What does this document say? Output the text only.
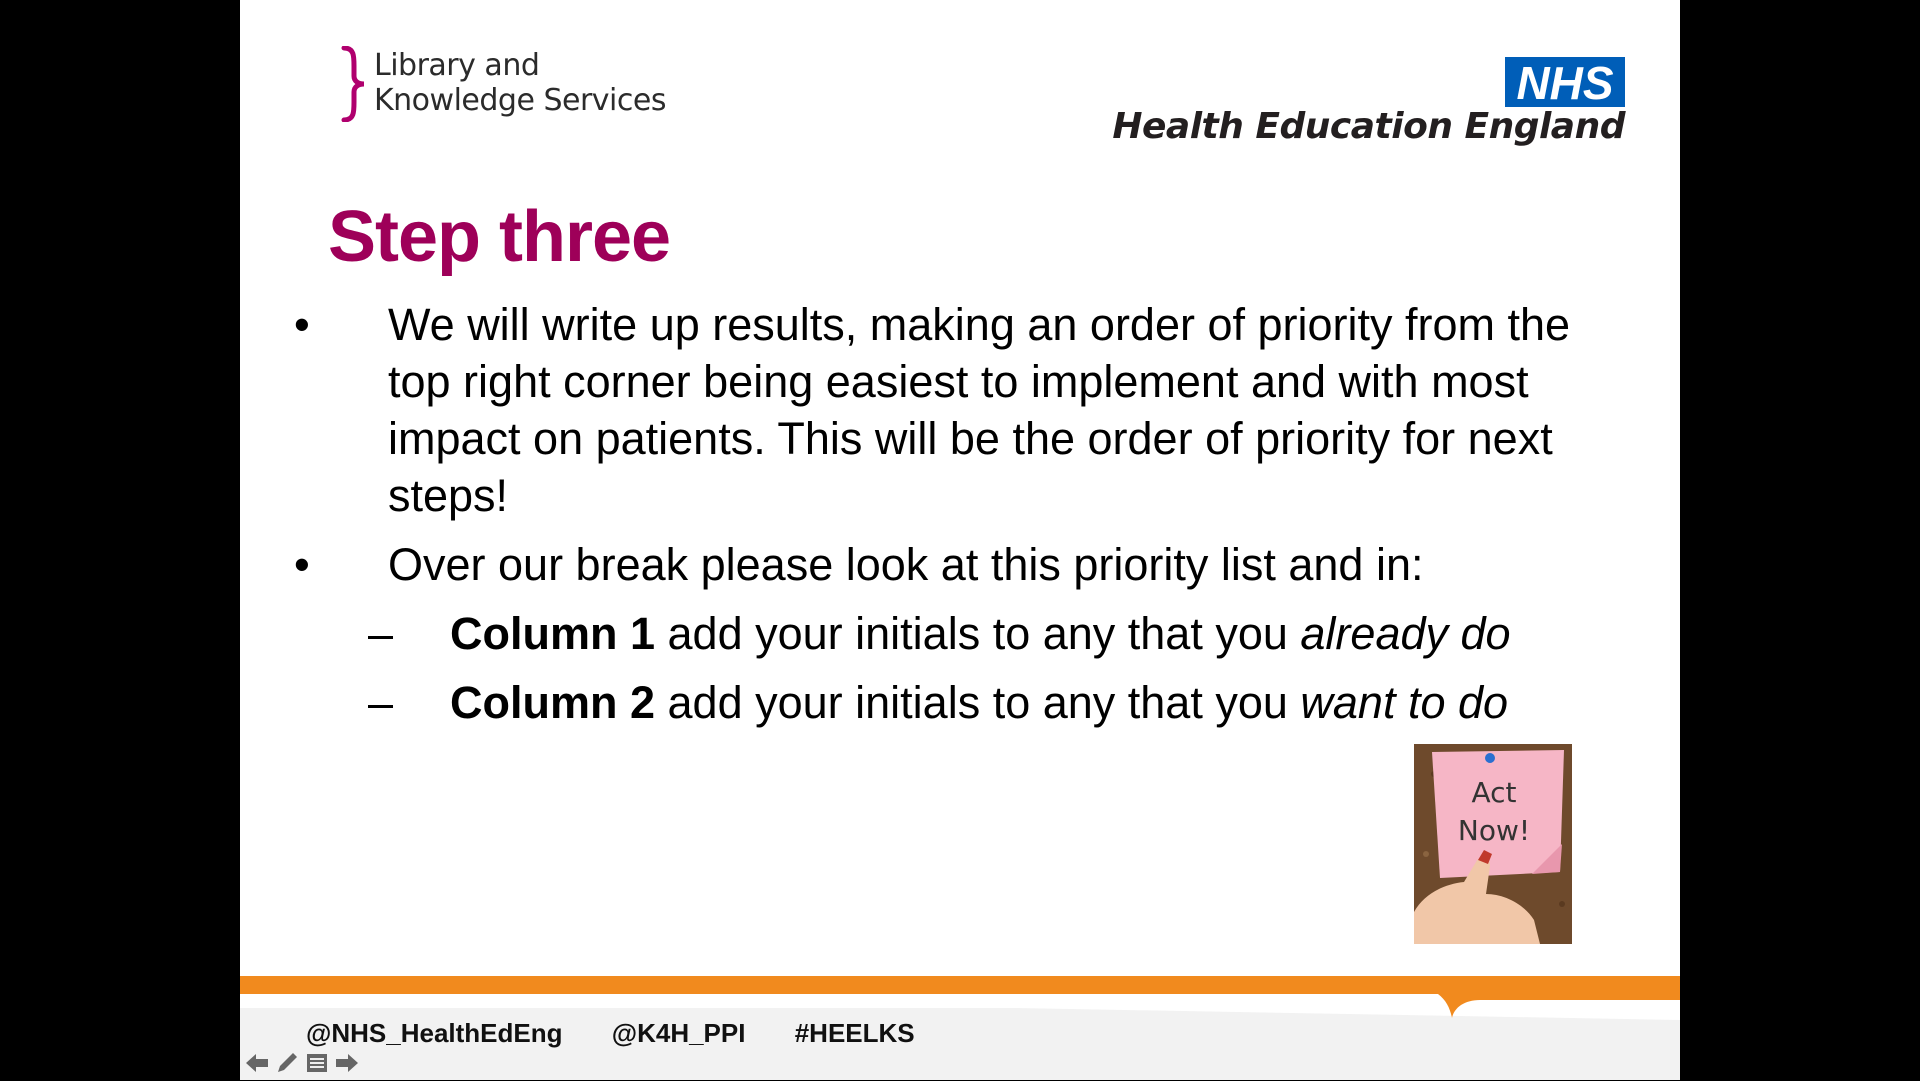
Library and
Knowledge Services	NHS
Health Education England
Step three
• We will write up results, making an order of priority from the top right corner being easiest to implement and with most impact on patients. This will be the order of priority for next steps!
• Over our break please look at this priority list and in:
– Column 1 add your initials to any that you already do
– Column 2 add your initials to any that you want to do
Act
Now!
@NHS_HealthEdEng @K4H_PPI #HEELKS
